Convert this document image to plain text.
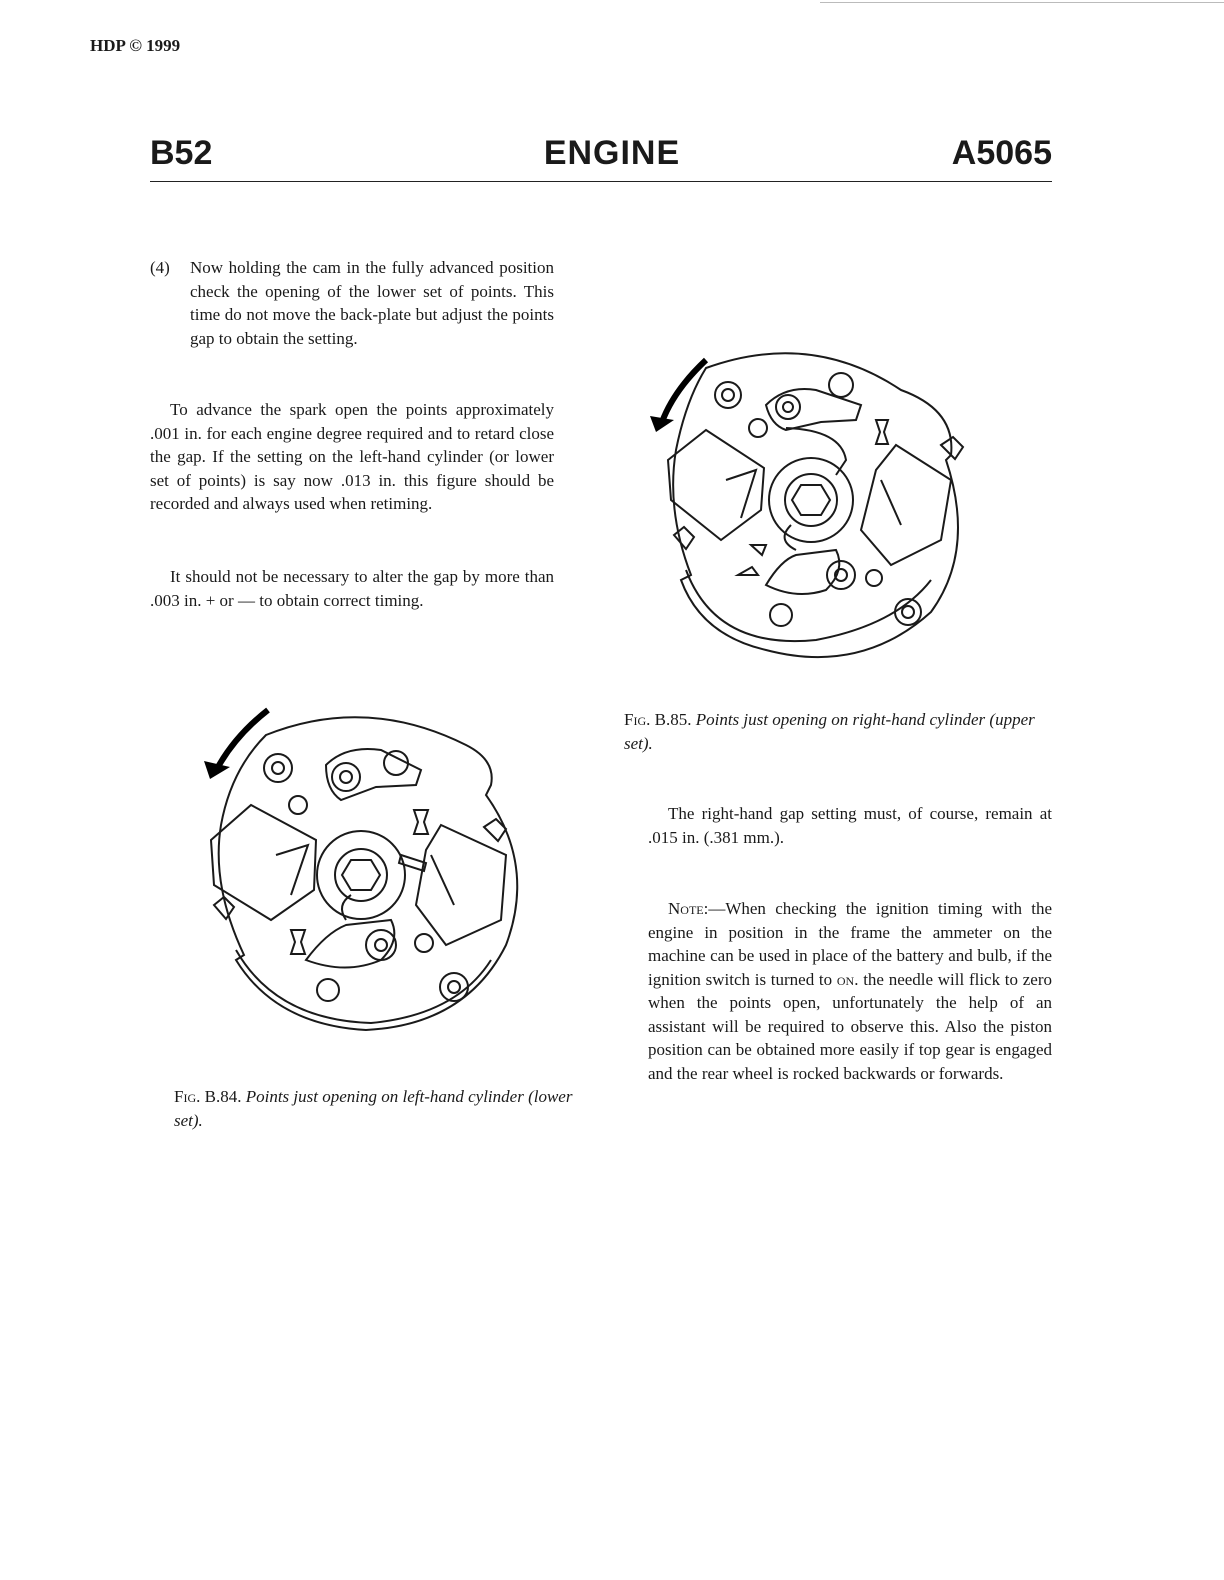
HDP © 1999
B52	ENGINE	A5065
(4) Now holding the cam in the fully advanced position check the opening of the lower set of points. This time do not move the back-plate but adjust the points gap to obtain the setting.
To advance the spark open the points approximately .001 in. for each engine degree required and to retard close the gap. If the setting on the left-hand cylinder (or lower set of points) is say now .013 in. this figure should be recorded and always used when retiming.
It should not be necessary to alter the gap by more than .003 in. + or — to obtain correct timing.
Fig. B.85. Points just opening on right-hand cylinder (upper set).
Fig. B.84. Points just opening on left-hand cylinder (lower set).
The right-hand gap setting must, of course, remain at .015 in. (.381 mm.).
Note:—When checking the ignition timing with the engine in position in the frame the ammeter on the machine can be used in place of the battery and bulb, if the ignition switch is turned to on. the needle will flick to zero when the points open, unfortunately the help of an assistant will be required to observe this. Also the piston position can be obtained more easily if top gear is engaged and the rear wheel is rocked backwards or forwards.
